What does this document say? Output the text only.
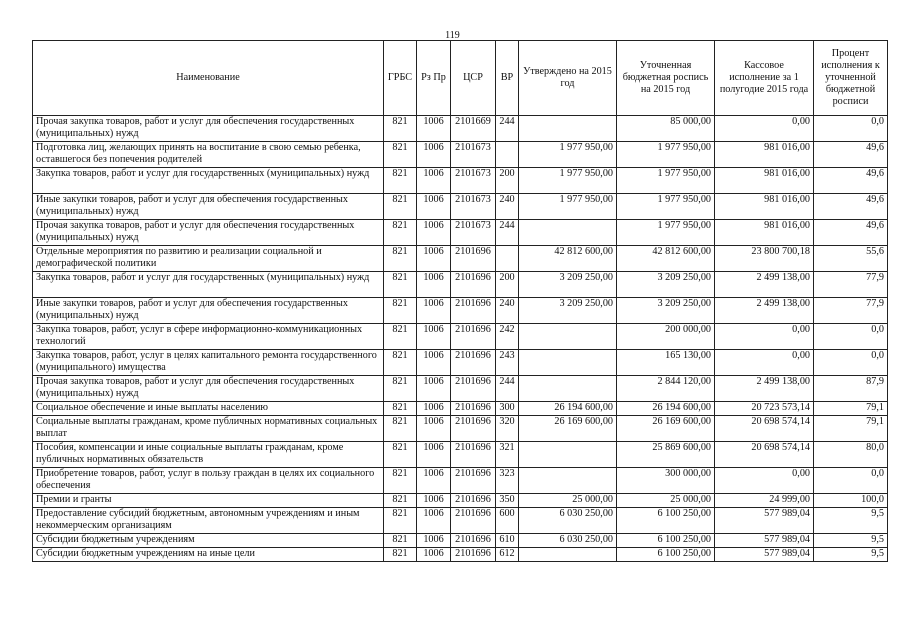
119
Наименование	ГРБС	Рз Пр	ЦСР	ВР	Утверждено на 2015 год	Уточненная бюджетная роспись на 2015 год	Кассовое исполнение за 1 полугодие 2015 года	Процент исполнения к уточненной бюджетной росписи
Прочая закупка товаров, работ и услуг для обеспечения государственных (муниципальных) нужд	821	1006	2101669	244		85 000,00	0,00	0,0
Подготовка лиц, желающих принять на воспитание в свою семью ребенка, оставшегося без попечения родителей	821	1006	2101673		1 977 950,00	1 977 950,00	981 016,00	49,6
Закупка товаров, работ и услуг для государственных (муниципальных) нужд	821	1006	2101673	200	1 977 950,00	1 977 950,00	981 016,00	49,6
Иные закупки товаров, работ и услуг для обеспечения государственных (муниципальных) нужд	821	1006	2101673	240	1 977 950,00	1 977 950,00	981 016,00	49,6
Прочая закупка товаров, работ и услуг для обеспечения государственных (муниципальных) нужд	821	1006	2101673	244		1 977 950,00	981 016,00	49,6
Отдельные мероприятия по развитию и реализации социальной и демографической политики	821	1006	2101696		42 812 600,00	42 812 600,00	23 800 700,18	55,6
Закупка товаров, работ и услуг для государственных (муниципальных) нужд	821	1006	2101696	200	3 209 250,00	3 209 250,00	2 499 138,00	77,9
Иные закупки товаров, работ и услуг для обеспечения государственных (муниципальных) нужд	821	1006	2101696	240	3 209 250,00	3 209 250,00	2 499 138,00	77,9
Закупка товаров, работ, услуг в сфере информационно-коммуникационных технологий	821	1006	2101696	242		200 000,00	0,00	0,0
Закупка товаров, работ, услуг в целях капитального ремонта государственного (муниципального) имущества	821	1006	2101696	243		165 130,00	0,00	0,0
Прочая закупка товаров, работ и услуг для обеспечения государственных (муниципальных) нужд	821	1006	2101696	244		2 844 120,00	2 499 138,00	87,9
Социальное обеспечение и иные выплаты населению	821	1006	2101696	300	26 194 600,00	26 194 600,00	20 723 573,14	79,1
Социальные выплаты гражданам, кроме публичных нормативных социальных выплат	821	1006	2101696	320	26 169 600,00	26 169 600,00	20 698 574,14	79,1
Пособия, компенсации и иные социальные выплаты гражданам, кроме публичных нормативных обязательств	821	1006	2101696	321		25 869 600,00	20 698 574,14	80,0
Приобретение товаров, работ, услуг в пользу граждан в целях их социального обеспечения	821	1006	2101696	323		300 000,00	0,00	0,0
Премии и гранты	821	1006	2101696	350	25 000,00	25 000,00	24 999,00	100,0
Предоставление субсидий бюджетным, автономным учреждениям и иным некоммерческим организациям	821	1006	2101696	600	6 030 250,00	6 100 250,00	577 989,04	9,5
Субсидии бюджетным учреждениям	821	1006	2101696	610	6 030 250,00	6 100 250,00	577 989,04	9,5
Субсидии бюджетным учреждениям на иные цели	821	1006	2101696	612		6 100 250,00	577 989,04	9,5
